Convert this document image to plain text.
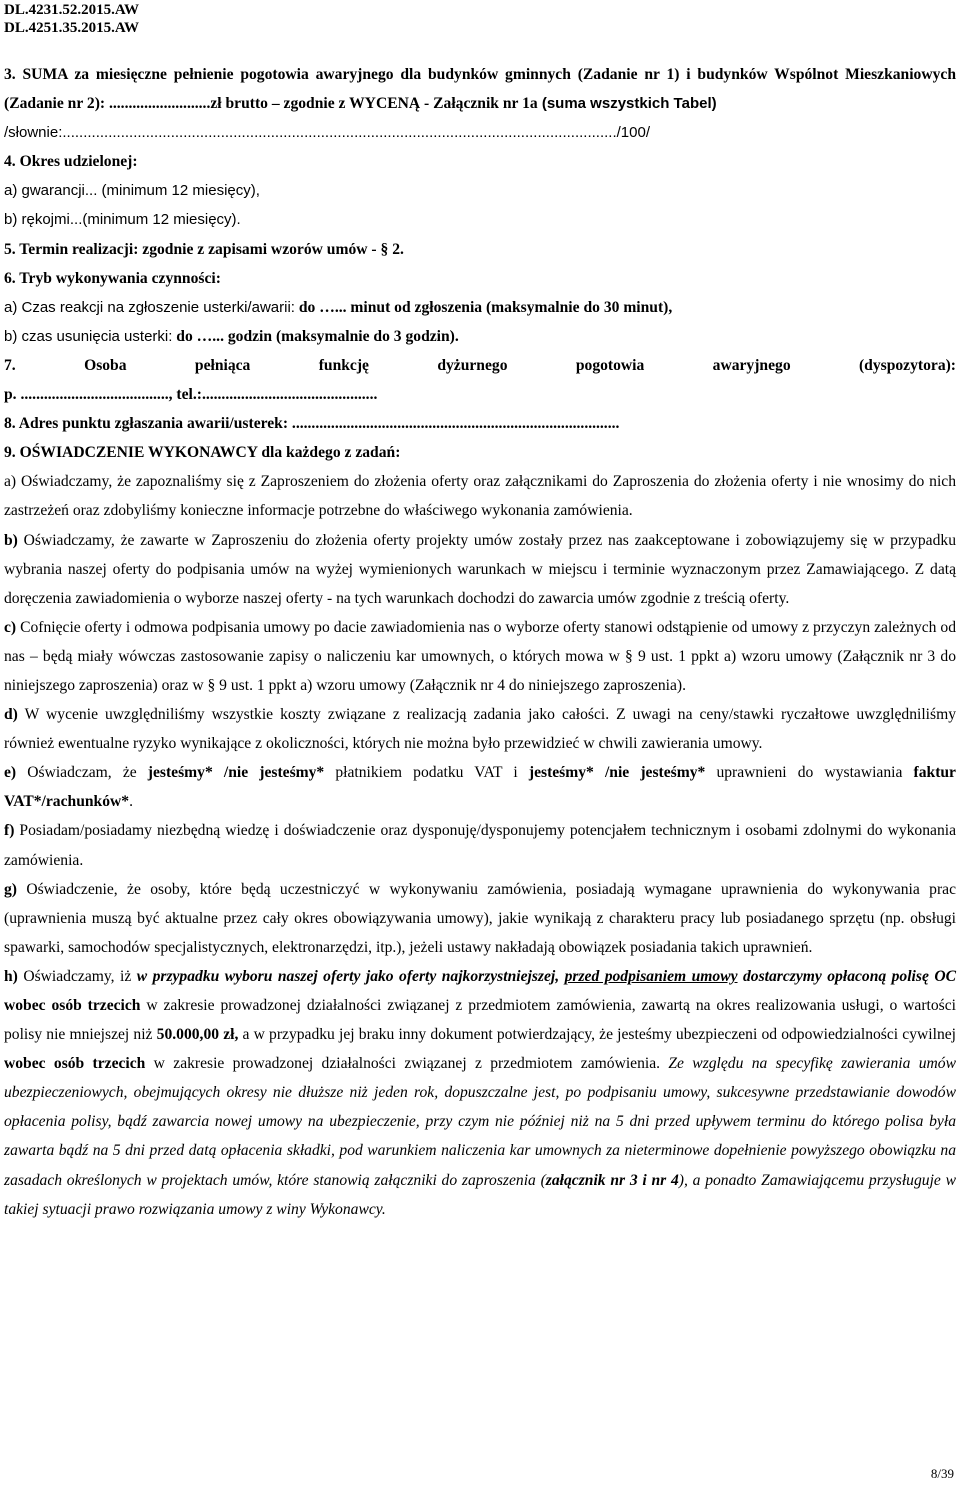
DL.4231.52.2015.AW
DL.4251.35.2015.AW

3. SUMA za miesięczne pełnienie pogotowia awaryjnego dla budynków gminnych (Zadanie nr 1) i budynków Wspólnot Mieszkaniowych (Zadanie nr 2): ..........................zł brutto – zgodnie z WYCENĄ - Załącznik nr 1a (suma wszystkich Tabel)

/słownie:...................................................................................................................................../100/

4. Okres udzielonej:

a) gwarancji... (minimum 12 miesięcy),

b) rękojmi...(minimum 12 miesięcy).

5. Termin realizacji: zgodnie z zapisami wzorów umów - § 2.

6. Tryb wykonywania czynności:

a) Czas reakcji na zgłoszenie usterki/awarii: do …... minut od zgłoszenia (maksymalnie do 30 minut),

b) czas usunięcia usterki: do …... godzin (maksymalnie do 3 godzin).

7.	Osoba	pełniąca	funkcję	dyżurnego	pogotowia	awaryjnego	(dyspozytora):

p. ......................................, tel.:.............................................

8. Adres punktu zgłaszania awarii/usterek: ....................................................................................

9. OŚWIADCZENIE WYKONAWCY dla każdego z zadań:

a) Oświadczamy, że zapoznaliśmy się z Zaproszeniem do złożenia oferty oraz załącznikami do Zaproszenia do złożenia oferty i nie wnosimy do nich zastrzeżeń oraz zdobyliśmy konieczne informacje potrzebne do właściwego wykonania zamówienia.

b) Oświadczamy, że zawarte w Zaproszeniu do złożenia oferty projekty umów zostały przez nas zaakceptowane i zobowiązujemy się w przypadku wybrania naszej oferty do podpisania umów na wyżej wymienionych warunkach w miejscu i terminie wyznaczonym przez Zamawiającego. Z datą doręczenia zawiadomienia o wyborze naszej oferty - na tych warunkach dochodzi do zawarcia umów zgodnie z treścią oferty.

c) Cofnięcie oferty i odmowa podpisania umowy po dacie zawiadomienia nas o wyborze oferty stanowi odstąpienie od umowy z przyczyn zależnych od nas – będą miały wówczas zastosowanie zapisy o naliczeniu kar umownych, o których mowa w § 9 ust. 1 ppkt a) wzoru umowy (Załącznik nr 3 do niniejszego zaproszenia) oraz w § 9 ust. 1 ppkt a) wzoru umowy (Załącznik nr 4 do niniejszego zaproszenia).

d) W wycenie uwzględniliśmy wszystkie koszty związane z realizacją zadania jako całości. Z uwagi na ceny/stawki ryczałtowe uwzględniliśmy również ewentualne ryzyko wynikające z okoliczności, których nie można było przewidzieć w chwili zawierania umowy.

e) Oświadczam, że jesteśmy* /nie jesteśmy* płatnikiem podatku VAT i jesteśmy* /nie jesteśmy* uprawnieni do wystawiania faktur VAT*/rachunków*.

f) Posiadam/posiadamy niezbędną wiedzę i doświadczenie oraz dysponuję/dysponujemy potencjałem technicznym i osobami zdolnymi do wykonania zamówienia.

g) Oświadczenie, że osoby, które będą uczestniczyć w wykonywaniu zamówienia, posiadają wymagane uprawnienia do wykonywania prac (uprawnienia muszą być aktualne przez cały okres obowiązywania umowy), jakie wynikają z charakteru pracy lub posiadanego sprzętu (np. obsługi spawarki, samochodów specjalistycznych, elektronarzędzi, itp.), jeżeli ustawy nakładają obowiązek posiadania takich uprawnień.

h) Oświadczamy, iż w przypadku wyboru naszej oferty jako oferty najkorzystniejszej, przed podpisaniem umowy dostarczymy opłaconą polisę OC wobec osób trzecich w zakresie prowadzonej działalności związanej z przedmiotem zamówienia, zawartą na okres realizowania usługi, o wartości polisy nie mniejszej niż 50.000,00 zł, a w przypadku jej braku inny dokument potwierdzający, że jesteśmy ubezpieczeni od odpowiedzialności cywilnej wobec osób trzecich w zakresie prowadzonej działalności związanej z przedmiotem zamówienia. Ze względu na specyfikę zawierania umów ubezpieczeniowych, obejmujących okresy nie dłuższe niż jeden rok, dopuszczalne jest, po podpisaniu umowy, sukcesywne przedstawianie dowodów opłacenia polisy, bądź zawarcia nowej umowy na ubezpieczenie, przy czym nie później niż na 5 dni przed upływem terminu do którego polisa była zawarta bądź na 5 dni przed datą opłacenia składki, pod warunkiem naliczenia kar umownych za nieterminowe dopełnienie powyższego obowiązku na zasadach określonych w projektach umów, które stanowią załączniki do zaproszenia (załącznik nr 3 i nr 4), a ponadto Zamawiającemu przysługuje w takiej sytuacji prawo rozwiązania umowy z winy Wykonawcy.

8/39
